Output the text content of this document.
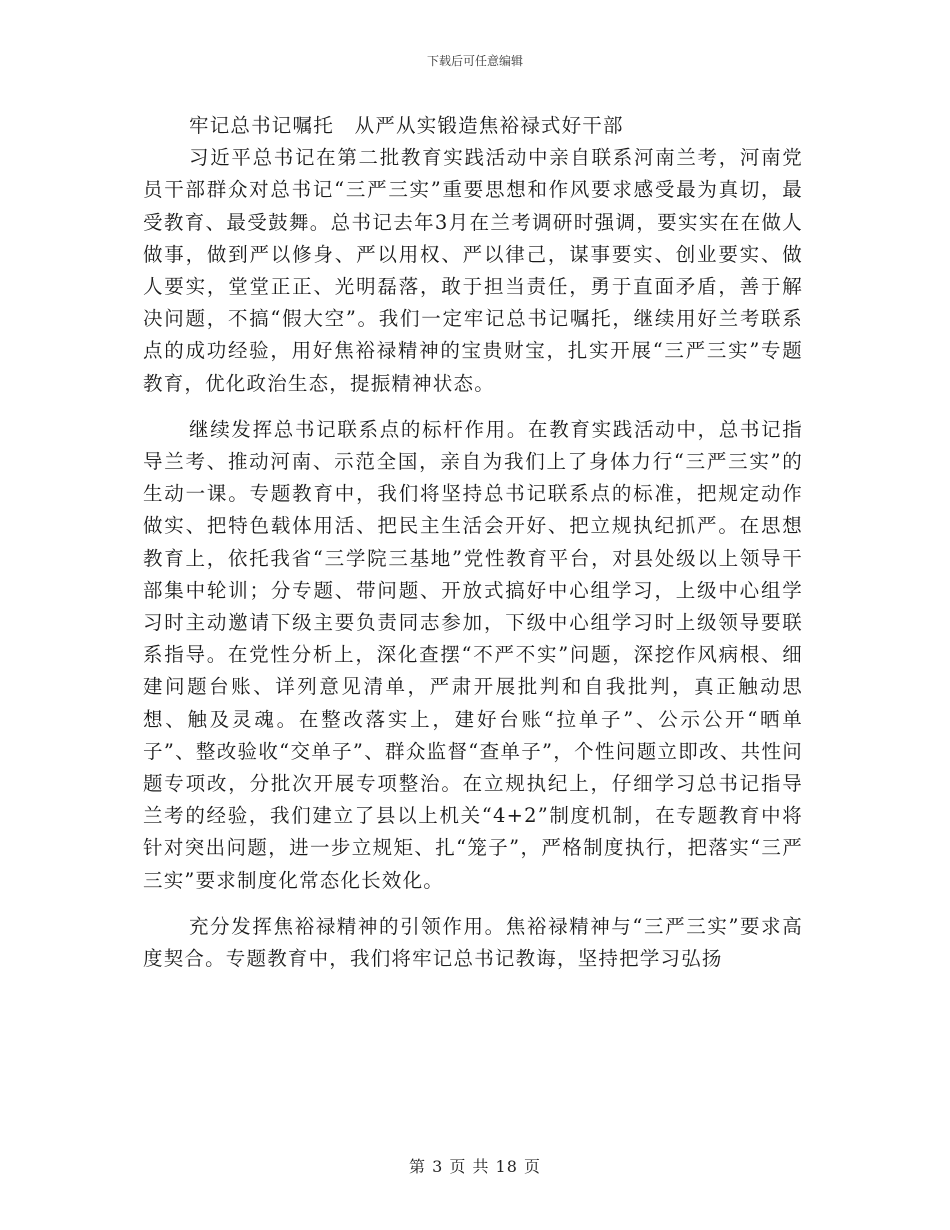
下载后可任意编辑
牢记总书记嘱托　从严从实锻造焦裕禄式好干部

习近平总书记在第二批教育实践活动中亲自联系河南兰考，河南党员干部群众对总书记“三严三实”重要思想和作风要求感受最为真切，最受教育、最受鼓舞。总书记去年3月在兰考调研时强调，要实实在在做人做事，做到严以修身、严以用权、严以律己，谋事要实、创业要实、做人要实，堂堂正正、光明磊落，敢于担当责任，勇于直面矛盾，善于解决问题，不搞“假大空”。我们一定牢记总书记嘱托，继续用好兰考联系点的成功经验，用好焦裕禄精神的宝贵财宝，扎实开展“三严三实”专题教育，优化政治生态，提振精神状态。

继续发挥总书记联系点的标杆作用。在教育实践活动中，总书记指导兰考、推动河南、示范全国，亲自为我们上了身体力行“三严三实”的生动一课。专题教育中，我们将坚持总书记联系点的标准，把规定动作做实、把特色载体用活、把民主生活会开好、把立规执纪抓严。在思想教育上，依托我省“三学院三基地”党性教育平台，对县处级以上领导干部集中轮训；分专题、带问题、开放式搞好中心组学习，上级中心组学习时主动邀请下级主要负责同志参加，下级中心组学习时上级领导要联系指导。在党性分析上，深化查摆“不严不实”问题，深挖作风病根、细建问题台账、详列意见清单，严肃开展批判和自我批判，真正触动思想、触及灵魂。在整改落实上，建好台账“拉单子”、公示公开“晒单子”、整改验收“交单子”、群众监督“查单子”，个性问题立即改、共性问题专项改，分批次开展专项整治。在立规执纪上，仔细学习总书记指导兰考的经验，我们建立了县以上机关“4+2”制度机制，在专题教育中将针对突出问题，进一步立规矩、扎“笼子”，严格制度执行，把落实“三严三实”要求制度化常态化长效化。

充分发挥焦裕禄精神的引领作用。焦裕禄精神与“三严三实”要求高度契合。专题教育中，我们将牢记总书记教诲，坚持把学习弘扬

第 3 页 共 18 页
